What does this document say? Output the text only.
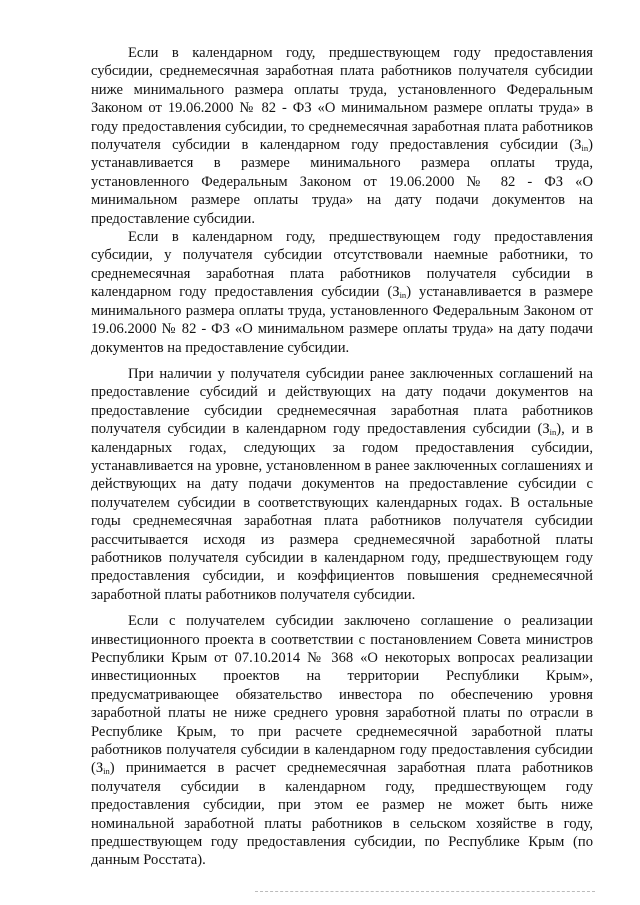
Если в календарном году, предшествующем году предоставления субсидии, среднемесячная заработная плата работников получателя субсидии ниже минимального размера оплаты труда, установленного Федеральным Законом от 19.06.2000 № 82 - ФЗ «О минимальном размере оплаты труда» в году предоставления субсидии, то среднемесячная заработная плата работников получателя субсидии в календарном году предоставления субсидии $(З_{in})$ устанавливается в размере минимального размера оплаты труда, установленного Федеральным Законом от 19.06.2000 № 82 - ФЗ «О минимальном размере оплаты труда» на дату подачи документов на предоставление субсидии.

Если в календарном году, предшествующем году предоставления субсидии, у получателя субсидии отсутствовали наемные работники, то среднемесячная заработная плата работников получателя субсидии в календарном году предоставления субсидии $(З_{in})$ устанавливается в размере минимального размера оплаты труда, установленного Федеральным Законом от 19.06.2000 № 82 - ФЗ «О минимальном размере оплаты труда» на дату подачи документов на предоставление субсидии.

При наличии у получателя субсидии ранее заключенных соглашений на предоставление субсидий и действующих на дату подачи документов на предоставление субсидии среднемесячная заработная плата работников получателя субсидии в календарном году предоставления субсидии $(З_{in})$, и в календарных годах, следующих за годом предоставления субсидии, устанавливается на уровне, установленном в ранее заключенных соглашениях и действующих на дату подачи документов на предоставление субсидии с получателем субсидии в соответствующих календарных годах. В остальные годы среднемесячная заработная плата работников получателя субсидии рассчитывается исходя из размера среднемесячной заработной платы работников получателя субсидии в календарном году, предшествующем году предоставления субсидии, и коэффициентов повышения среднемесячной заработной платы работников получателя субсидии.

Если с получателем субсидии заключено соглашение о реализации инвестиционного проекта в соответствии с постановлением Совета министров Республики Крым от 07.10.2014 № 368 «О некоторых вопросах реализации инвестиционных проектов на территории Республики Крым», предусматривающее обязательство инвестора по обеспечению уровня заработной платы не ниже среднего уровня заработной платы по отрасли в Республике Крым, то при расчете среднемесячной заработной платы работников получателя субсидии в календарном году предоставления субсидии $(З_{in})$ принимается в расчет среднемесячная заработная плата работников получателя субсидии в календарном году, предшествующем году предоставления субсидии, при этом ее размер не может быть ниже номинальной заработной платы работников в сельском хозяйстве в году, предшествующем году предоставления субсидии, по Республике Крым (по данным Росстата).
